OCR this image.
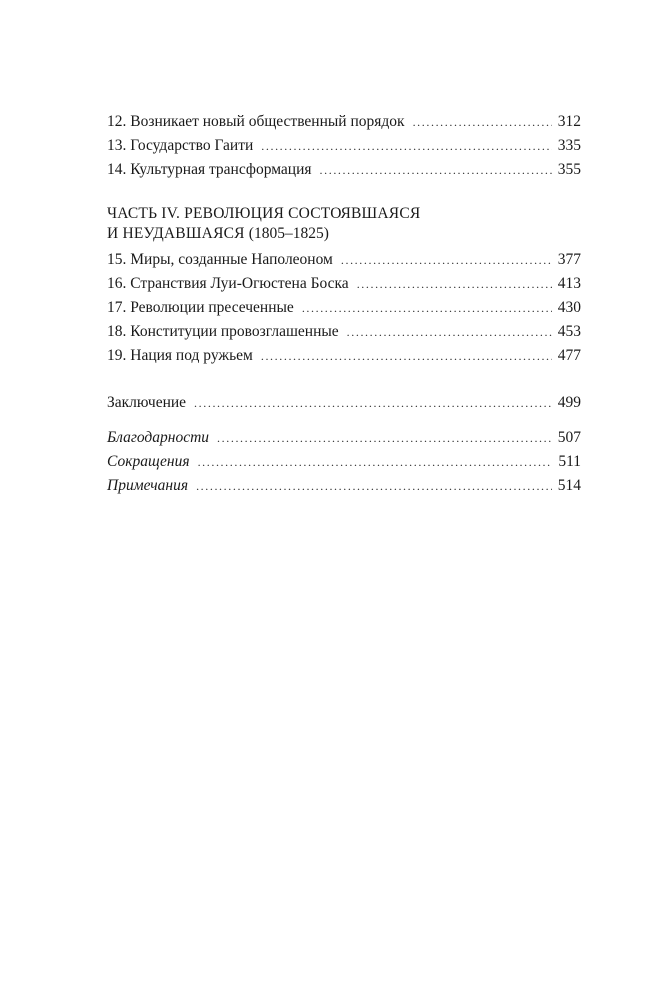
12. Возникает новый общественный порядок .....	312
13. Государство Гаити .....	335
14. Культурная трансформация .....	355
ЧАСТЬ IV. РЕВОЛЮЦИЯ СОСТОЯВШАЯСЯ
И НЕУДАВШАЯСЯ (1805–1825)
15. Миры, созданные Наполеоном .....	377
16. Странствия Луи-Огюстена Боска .....	413
17. Революции пресеченные .....	430
18. Конституции провозглашенные .....	453
19. Нация под ружьем .....	477
Заключение .....	499
Благодарности .....	507
Сокращения .....	511
Примечания .....	514
